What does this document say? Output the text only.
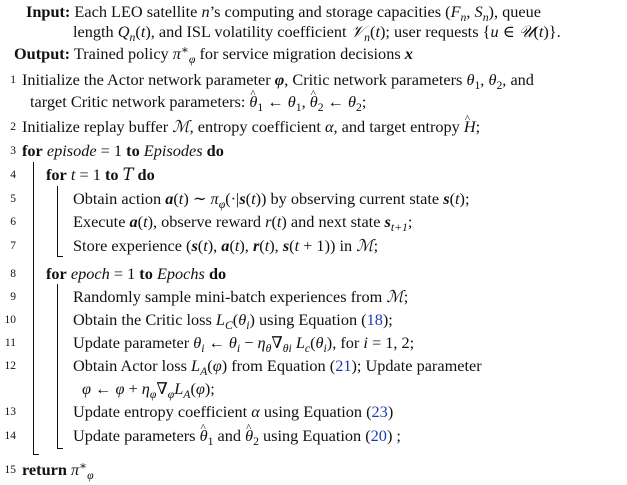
Input: Each LEO satellite n’s computing and storage capacities ($F_n$, $S_n$), queue
length $Q_n(t)$, and ISL volatility coefficient 𝒱$_n$(t); user requests {u ∈ 𝒰(t)}.
Output: Trained policy $\pi^∗_\varphi$ for service migration decisions x
1 Initialize the Actor network parameter φ, Critic network parameters $\theta_1$, $\theta_2$, and
target Critic network parameters: ^ $\theta_1$ ← $\theta_1$, ^ $\theta_2$ ← $\theta_2$;
2 Initialize replay buffer ℳ, entropy coefficient α, and target entropy ^ H;
3 for episode = 1 to Episodes do
4 for t = 1 to T do
5	Obtain action a(t) ∼ $\pi_\varphi(\cdot|s(t))$ by observing current state s(t);
6	Execute a(t), observe reward r(t) and next state $s_{t+1}$;
7	Store experience (s(t), a(t), r(t), s(t + 1)) in ℳ;
8 for epoch = 1 to Epochs do
9	Randomly sample mini-batch experiences from ℳ;
10	Obtain the Critic loss $L_C(\theta_i)$ using Equation (18);
11	Update parameter $\theta_i$ ← $\theta_i - \eta_\theta\nabla_{\theta i}$ $L_c(\theta_i)$, for i = 1, 2;
12	Obtain Actor loss $L_A(\varphi)$ from Equation (21); Update parameter
φ ← $\varphi + \eta_\varphi\nabla_\varphi L_A(\varphi)$;
13	Update entropy coefficient α using Equation (23)
14	Update parameters ^ $\theta_1$ and ^ $\theta_2$ using Equation (20) ;
15 return $\pi^∗_\varphi$
